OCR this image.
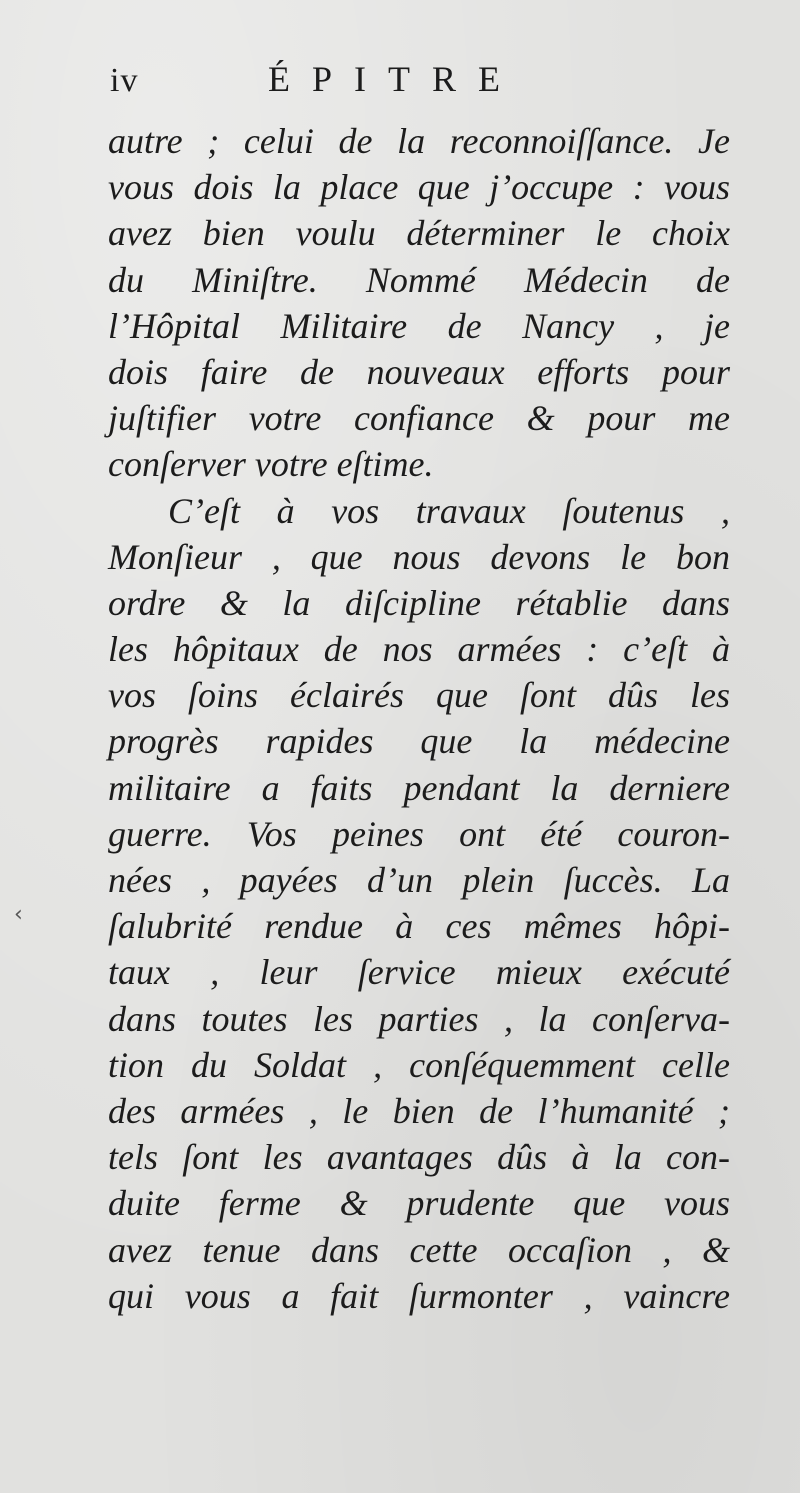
iv	ÉPITRE
‹
autre ; celui de la reconnoiſſance. Je
vous dois la place que j’occupe : vous
avez bien voulu déterminer le choix
du Miniſtre. Nommé Médecin de
l’Hôpital Militaire de Nancy , je
dois faire de nouveaux efforts pour
juſtifier votre confiance & pour me
conſerver votre eſtime.
C’eſt à vos travaux ſoutenus ,
Monſieur , que nous devons le bon
ordre & la diſcipline rétablie dans
les hôpitaux de nos armées : c’eſt à
vos ſoins éclairés que ſont dûs les
progrès rapides que la médecine
militaire a faits pendant la derniere
guerre. Vos peines ont été couron-
nées , payées d’un plein ſuccès. La
ſalubrité rendue à ces mêmes hôpi-
taux , leur ſervice mieux exécuté
dans toutes les parties , la conſerva-
tion du Soldat , conſéquemment celle
des armées , le bien de l’humanité ;
tels ſont les avantages dûs à la con-
duite ferme & prudente que vous
avez tenue dans cette occaſion , &
qui vous a fait ſurmonter , vaincre
